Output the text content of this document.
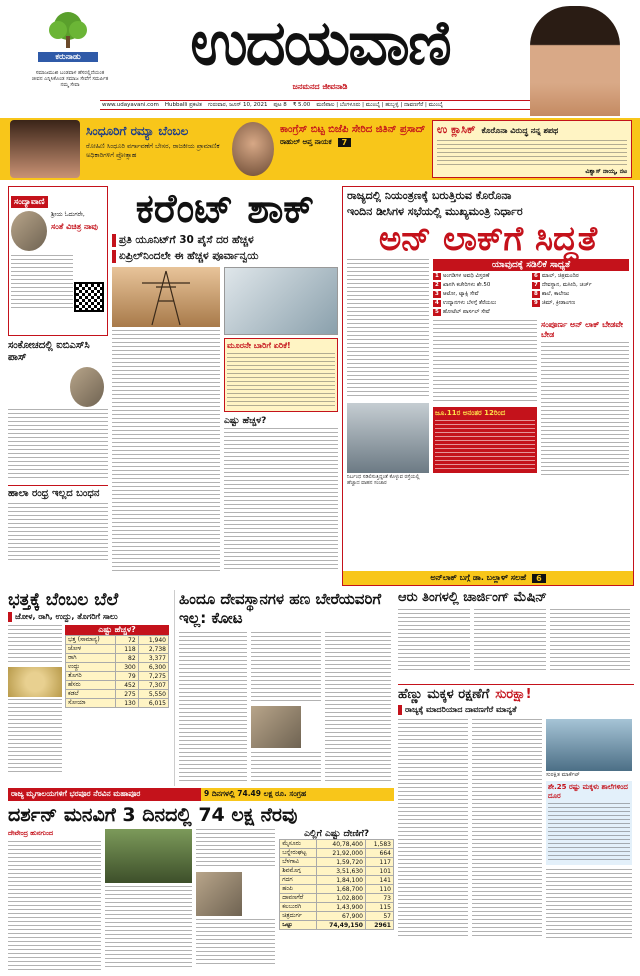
ಕರುನಾಡು
ಸಮಾಜಮುಖಿ ಬಂಡವಾಳ ಹೆಸರಲ್ಲಿದೆಯಂತ ಜೀವನ ಎನ್ನಿಸಿಕೊಂಡ ಸಮಾಜ ಸೇವೆಗೆ ಸಮರ್ಪಿತ ನಮ್ಮ ಸೇವಾ
ಉದಯವಾಣಿ
ಜನಮನದ ಜೀವನಾಡಿ
www.udayavani.com Hubballi ಪ್ರಕಟಿತ ಗುರುವಾರ, ಜೂನ್ 10, 2021 ಪುಟ 8 ₹ 5.00 ಮಣಿಪಾಲ | ಬೆಂಗಳೂರು | ಮುಂಬೈ | ಹುಬ್ಬಳ್ಳಿ | ದಾವಣಗೆರೆ | ಮುಂಬೈ
ಸಿಂಧೂರಿಗೆ ರಮ್ಯಾ ಬೆಂಬಲ
ರೋಹಿಣಿ ಸಿಂಧೂರಿ ವರ್ಗಾವಣೆಗೆ ಬೇಸರ, ರಾಜಕೀಯ ಪ್ರಾಮಾಣಿಕ ಅಧಿಕಾರಿಗಳಿಗೆ ಪ್ರೋತ್ಸಾಹ
ಕಾಂಗ್ರೆಸ್ ಬಿಟ್ಟ ಬಿಜೆಪಿ ಸೇರಿದ ಜಿತಿನ್ ಪ್ರಸಾದ್
ರಾಹುಲ್ ಆಪ್ತ ನಾಯಕ	7
ಉ ಕ್ಲಾಸಿಕ್ ಕೊರೊನಾ ವಿರುದ್ಧ ನನ್ನ ಶಪಥ
ವಿಶ್ವಾಸ್ ನಾಯ್ಕ, ನಟ
ಸಂದ್ಯಾವಾಣಿ
ಶ್ರೀಯ ಓದುಗರೇ,
ಸಂತೆ ವಿಚಿತ್ರ ನಾವು
ಸಂಕೋಚದಲ್ಲಿ ಐಬಿಎಸ್‌ಸಿ ಪಾಸ್
ಹಾಲಾ ರಂಧ್ರ ಇಲ್ಲದ ಬಂಧನ
ಕರೆಂಟ್ ಶಾಕ್
ಪ್ರತಿ ಯೂನಿಟ್‌ಗೆ 30 ಪೈಸೆ ದರ ಹೆಚ್ಚಳ
ಏಪ್ರಿಲ್‌ನಿಂದಲೇ ಈ ಹೆಚ್ಚಳ ಪೂರ್ವಾನ್ವಯ
ಮೂರನೇ ಬಾರಿಗೆ ಏರಿಕೆ!
ಎಷ್ಟು ಹೆಚ್ಚಳ?
ರಾಜ್ಯದಲ್ಲಿ ನಿಯಂತ್ರಣಕ್ಕೆ ಬರುತ್ತಿರುವ ಕೊರೊನಾ
ಇಂದಿನ ಡೀಸಿಗಳ ಸಭೆಯಲ್ಲಿ ಮುಖ್ಯಮಂತ್ರಿ ನಿರ್ಧಾರ
ಅನ್ ಲಾಕ್‌ಗೆ ಸಿದ್ಧತೆ
ನಿರ್ಬಂಧ ಸಡಿಲಿಸುತ್ತಿದ್ದಂತೆ ಕೊಳ್ಳುವ ರಸ್ತೆಯಲ್ಲಿ ಹೆಚ್ಚಾದ ವಾಹನ ಸಂಚಾರ
ಯಾವುದಕ್ಕೆ ಸಡಿಲಿಕೆ ಸಾಧ್ಯತೆ
1 ಅಂಗಡಿಗಳ ಅವಧಿ ವಿಸ್ತರಣೆ	6 ಮಾಲ್, ಚಿತ್ರಮಂದಿರ
2 ಖಾಸಗಿ ಕಚೇರಿಗಳು ಶೇ.50	7 ದೇವಸ್ಥಾನ, ಮಸೀದಿ, ಚರ್ಚ್
3 ಆಟೋ, ಟ್ಯಾಕ್ಸಿ ಸೇವೆ	8 ಶಾಲೆ, ಕಾಲೇಜು
4 ಉದ್ಯಾನಗಳು ಬೆಳಗ್ಗೆ ತೆರೆಯಲು	9 ಜಿಮ್, ಕ್ರೀಡಾಂಗಣ
5 ಹೋಟೆಲ್ ಪಾರ್ಸಲ್ ಸೇವೆ
ಜೂ.11ರ ಅನಂತರ 12ರಿಂದ
ಸಂಪೂರ್ಣ ಅನ್ ಲಾಕ್ ಬೇಡವೇ ಬೇಡ
ಅನ್‌ಲಾಕ್ ಬಗ್ಗೆ ಡಾ. ಬಲ್ಲಾಳ್ ಸಲಹೆ	6
ಭತ್ತಕ್ಕೆ ಬೆಂಬಲ ಬೆಲೆ
ಜೋಳ, ರಾಗಿ, ಉದ್ದು, ತೊಗರಿಗೆ ಸಾಲು
ಎಷ್ಟು ಹೆಚ್ಚಳ?
ಭತ್ತ (ಸಾಮಾನ್ಯ)	72	1,940
ಜೋಳ	118	2,738
ರಾಗಿ	82	3,377
ಉದ್ದು	300	6,300
ತೊಗರಿ	79	7,275
ಹೆಸರು	452	7,307
ಕಡಲೆ	275	5,550
ಸೋಯಾ	130	6,015
ಹಿಂದೂ ದೇವಸ್ಥಾನಗಳ ಹಣ ಬೇರೆಯವರಿಗೆ ಇಲ್ಲ: ಕೋಟ
ಆರು ತಿಂಗಳಲ್ಲಿ ಚಾರ್ಜಿಂಗ್ ಮೆಷಿನ್
ಹೆಣ್ಣು ಮಕ್ಕಳ ರಕ್ಷಣೆಗೆ ಸುರಕ್ಷಾ!
ರಾಜ್ಯಕ್ಕೆ ಮಾದರಿಯಾದ ದಾವಣಗೆರೆ ಮಾನ್ಯತೆ
ಸುರಕ್ಷಿತ ಮಾರ್ಕೆಟ್
ಶೇ.25 ರಷ್ಟು ಮಕ್ಕಳು ಶಾಲೆಗಳಿಂದ ದೂರ
ರಾಜ್ಯ ಮೃಗಾಲಯಗಳಿಗೆ ಭರಪೂರ ನೆರವಿನ ಮಹಾಪೂರ	9 ದಿನಗಳಲ್ಲಿ 74.49 ಲಕ್ಷ ರೂ. ಸಂಗ್ರಹ
ದರ್ಶನ್ ಮನವಿಗೆ 3 ದಿನದಲ್ಲಿ 74 ಲಕ್ಷ ನೆರವು
ದೇವೇಂದ್ರ ಹುನಗುಂದ	ಎಲ್ಲಿಗೆ ಎಷ್ಟು ದೇಣಿಗೆ?
ಮೈಸೂರು	40,78,400	1,583
ಬನ್ನೇರುಘಟ್ಟ	21,92,000	664
ಬೆಳಗಾವಿ	1,59,720	117
ಶಿವಮೊಗ್ಗ	3,51,630	101
ಗದಗ	1,84,100	141
ಹಂಪಿ	1,68,700	110
ದಾವಣಗೆರೆ	1,02,800	73
ಕಲಬುರಗಿ	1,43,900	115
ಚಿತ್ರದುರ್ಗ	67,900	57
ಒಟ್ಟು	74,49,150	2961
